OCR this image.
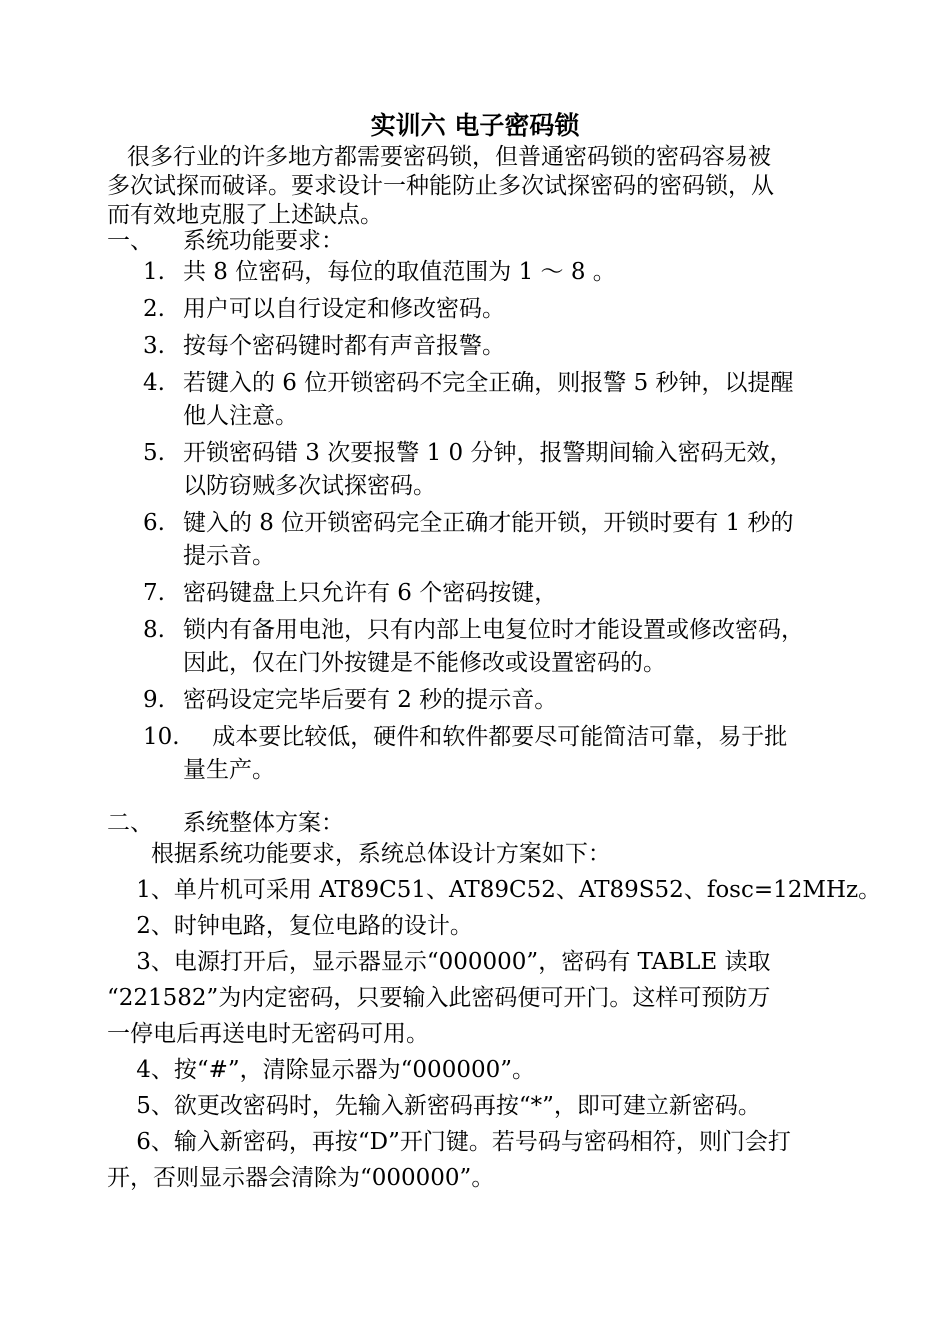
实训六 电子密码锁
很多行业的许多地方都需要密码锁，但普通密码锁的密码容易被
多次试探而破译。要求设计一种能防止多次试探密码的密码锁，从
而有效地克服了上述缺点。
一、 系统功能要求：
1. 共 8 位密码，每位的取值范围为 1 ～ 8 。
2. 用户可以自行设定和修改密码。
3. 按每个密码键时都有声音报警。
4. 若键入的 6 位开锁密码不完全正确，则报警 5 秒钟，以提醒
他人注意。
5. 开锁密码错 3 次要报警 1 0 分钟，报警期间输入密码无效，
以防窃贼多次试探密码。
6. 键入的 8 位开锁密码完全正确才能开锁，开锁时要有 1 秒的
提示音。
7. 密码键盘上只允许有 6 个密码按键，
8. 锁内有备用电池，只有内部上电复位时才能设置或修改密码，
因此，仅在门外按键是不能修改或设置密码的。
9. 密码设定完毕后要有 2 秒的提示音。
10. 成本要比较低，硬件和软件都要尽可能简洁可靠，易于批
量生产。
二、 系统整体方案：
根据系统功能要求，系统总体设计方案如下：
1、单片机可采用 AT89C51、AT89C52、AT89S52、fosc=12MHz。
2、时钟电路，复位电路的设计。
3、电源打开后，显示器显示“000000”，密码有 TABLE 读取
“221582”为内定密码，只要输入此密码便可开门。这样可预防万
一停电后再送电时无密码可用。
4、按“#”，清除显示器为“000000”。
5、欲更改密码时，先输入新密码再按“*”，即可建立新密码。
6、输入新密码，再按“D”开门键。若号码与密码相符，则门会打
开，否则显示器会清除为“000000”。
